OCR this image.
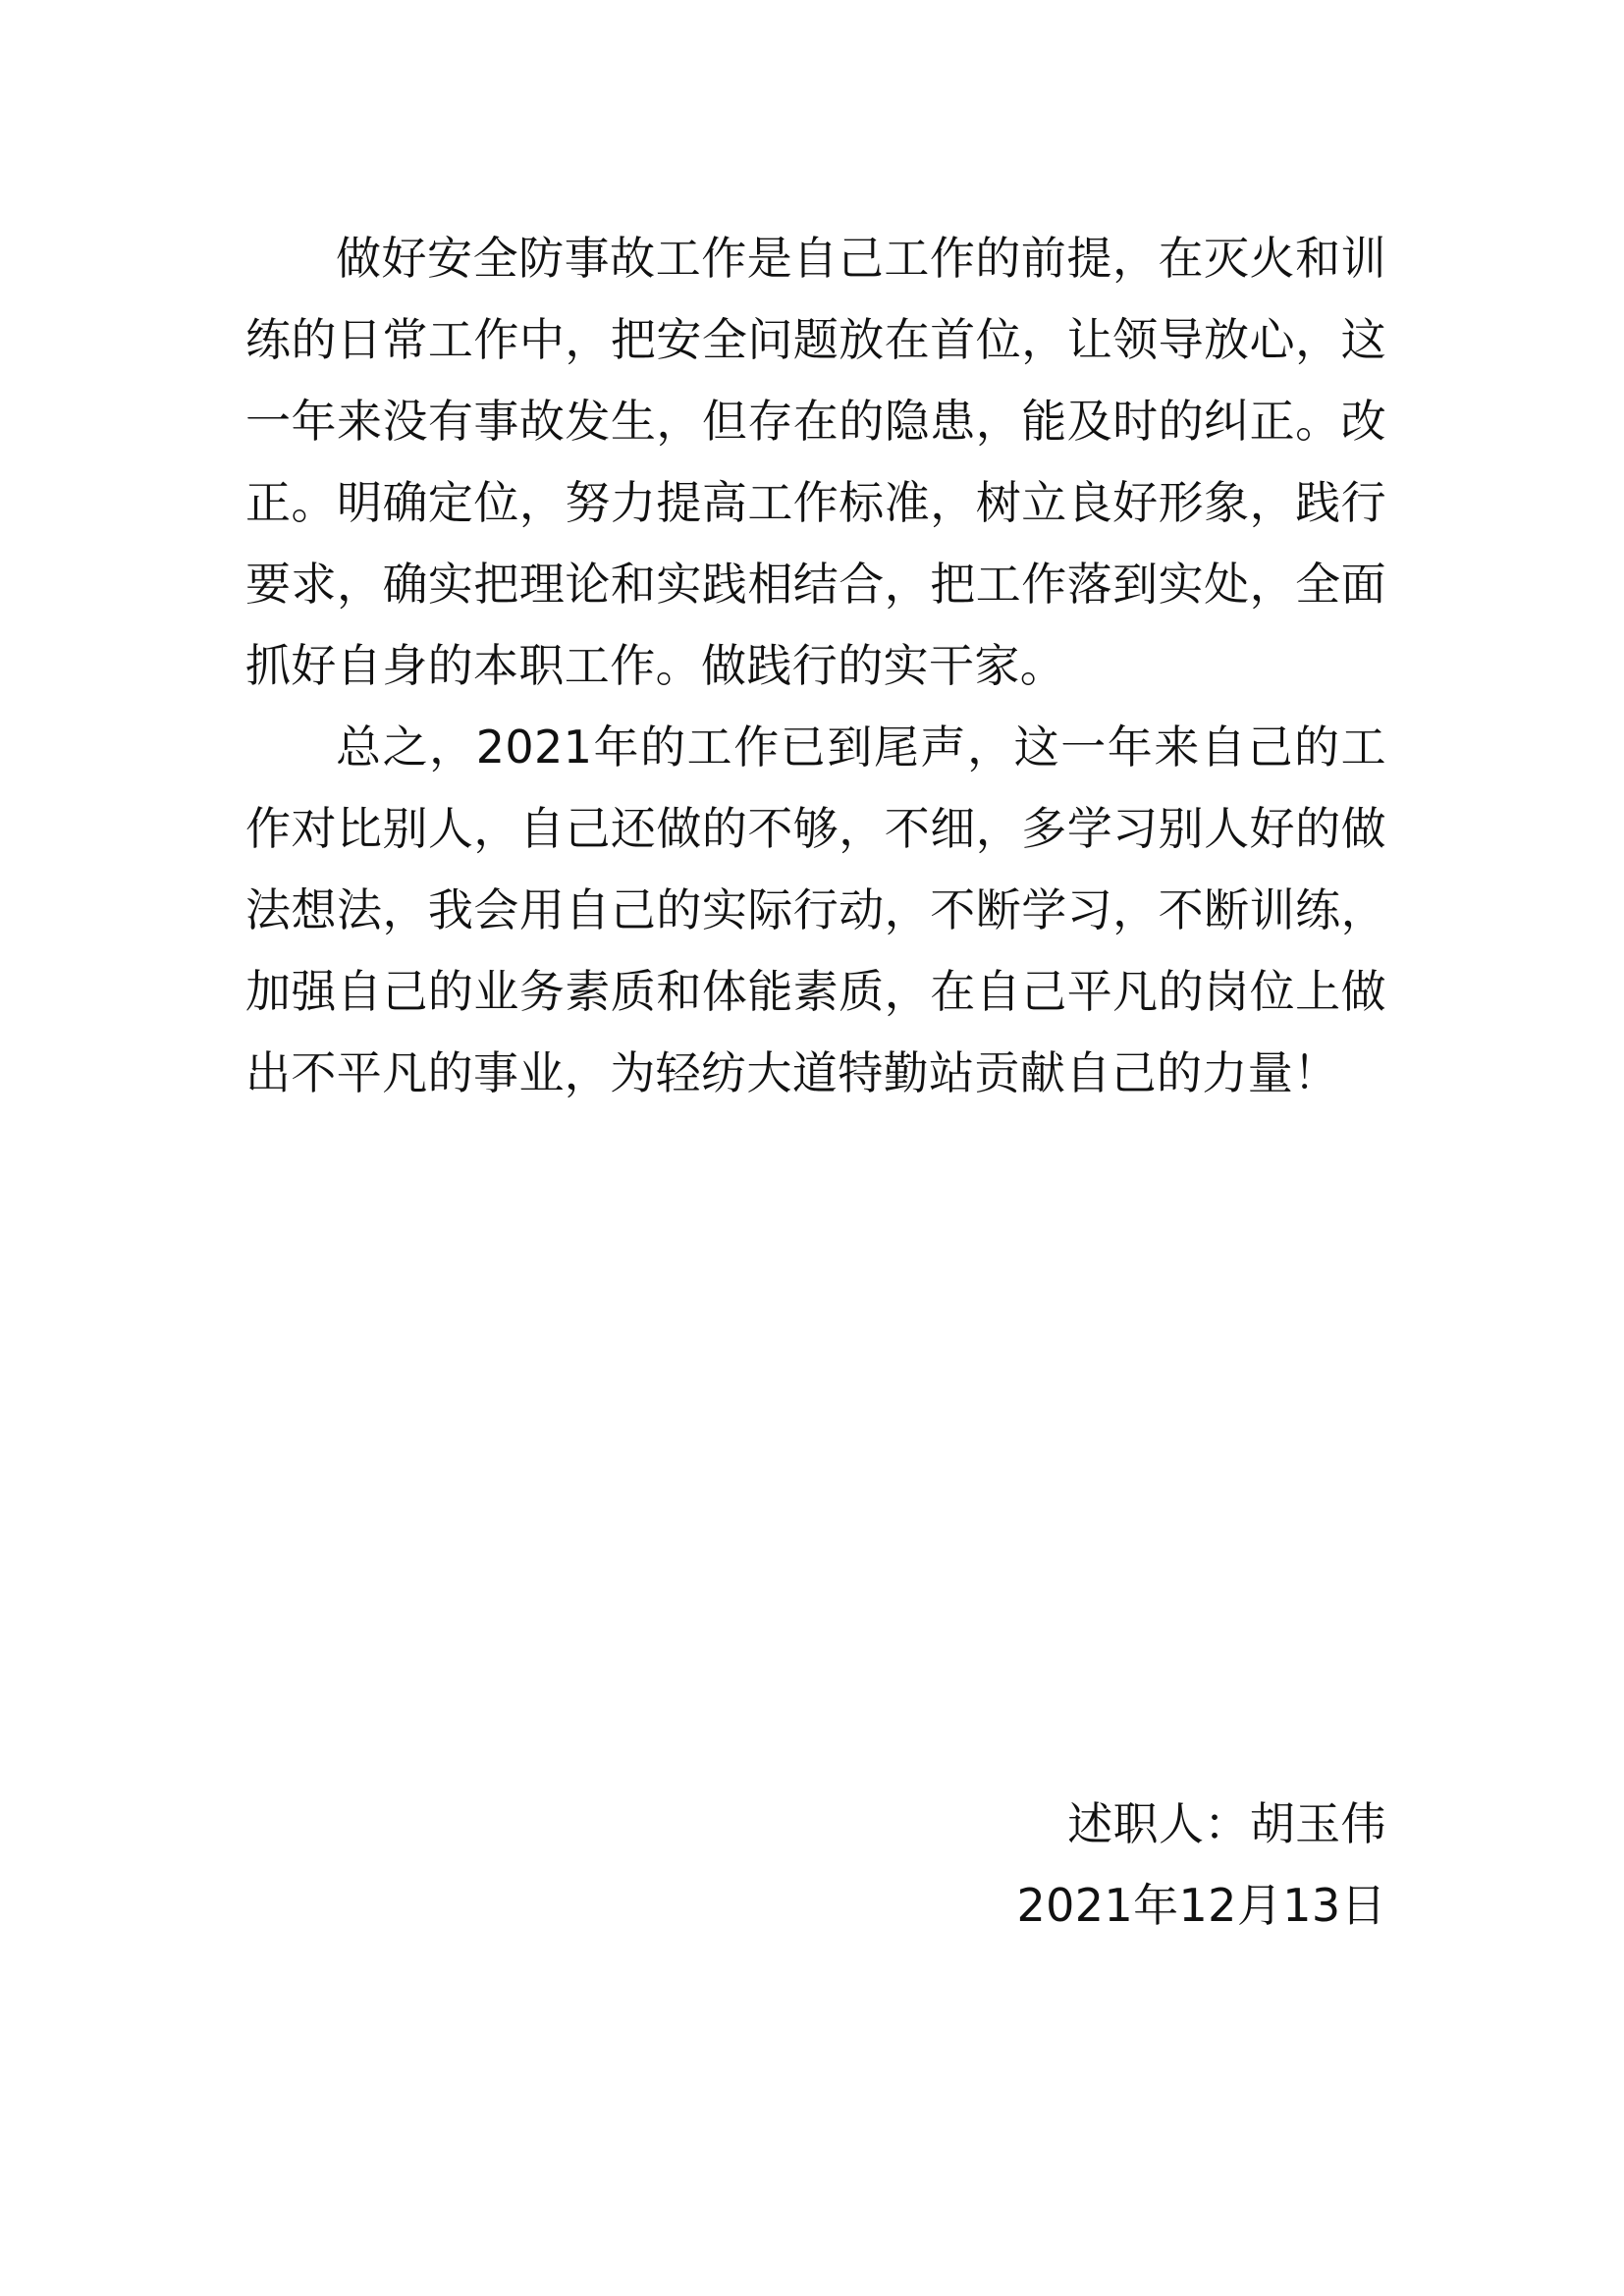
做好安全防事故工作是自己工作的前提，在灭火和训练的日常工作中，把安全问题放在首位，让领导放心，这一年来没有事故发生，但存在的隐患，能及时的纠正。改正。明确定位，努力提高工作标准，树立良好形象，践行要求，确实把理论和实践相结合，把工作落到实处，全面抓好自身的本职工作。做践行的实干家。

总之，2021年的工作已到尾声，这一年来自己的工作对比别人，自己还做的不够，不细，多学习别人好的做法想法，我会用自己的实际行动，不断学习，不断训练，加强自己的业务素质和体能素质，在自己平凡的岗位上做出不平凡的事业，为轻纺大道特勤站贡献自己的力量！

述职人：胡玉伟
2021年12月13日
